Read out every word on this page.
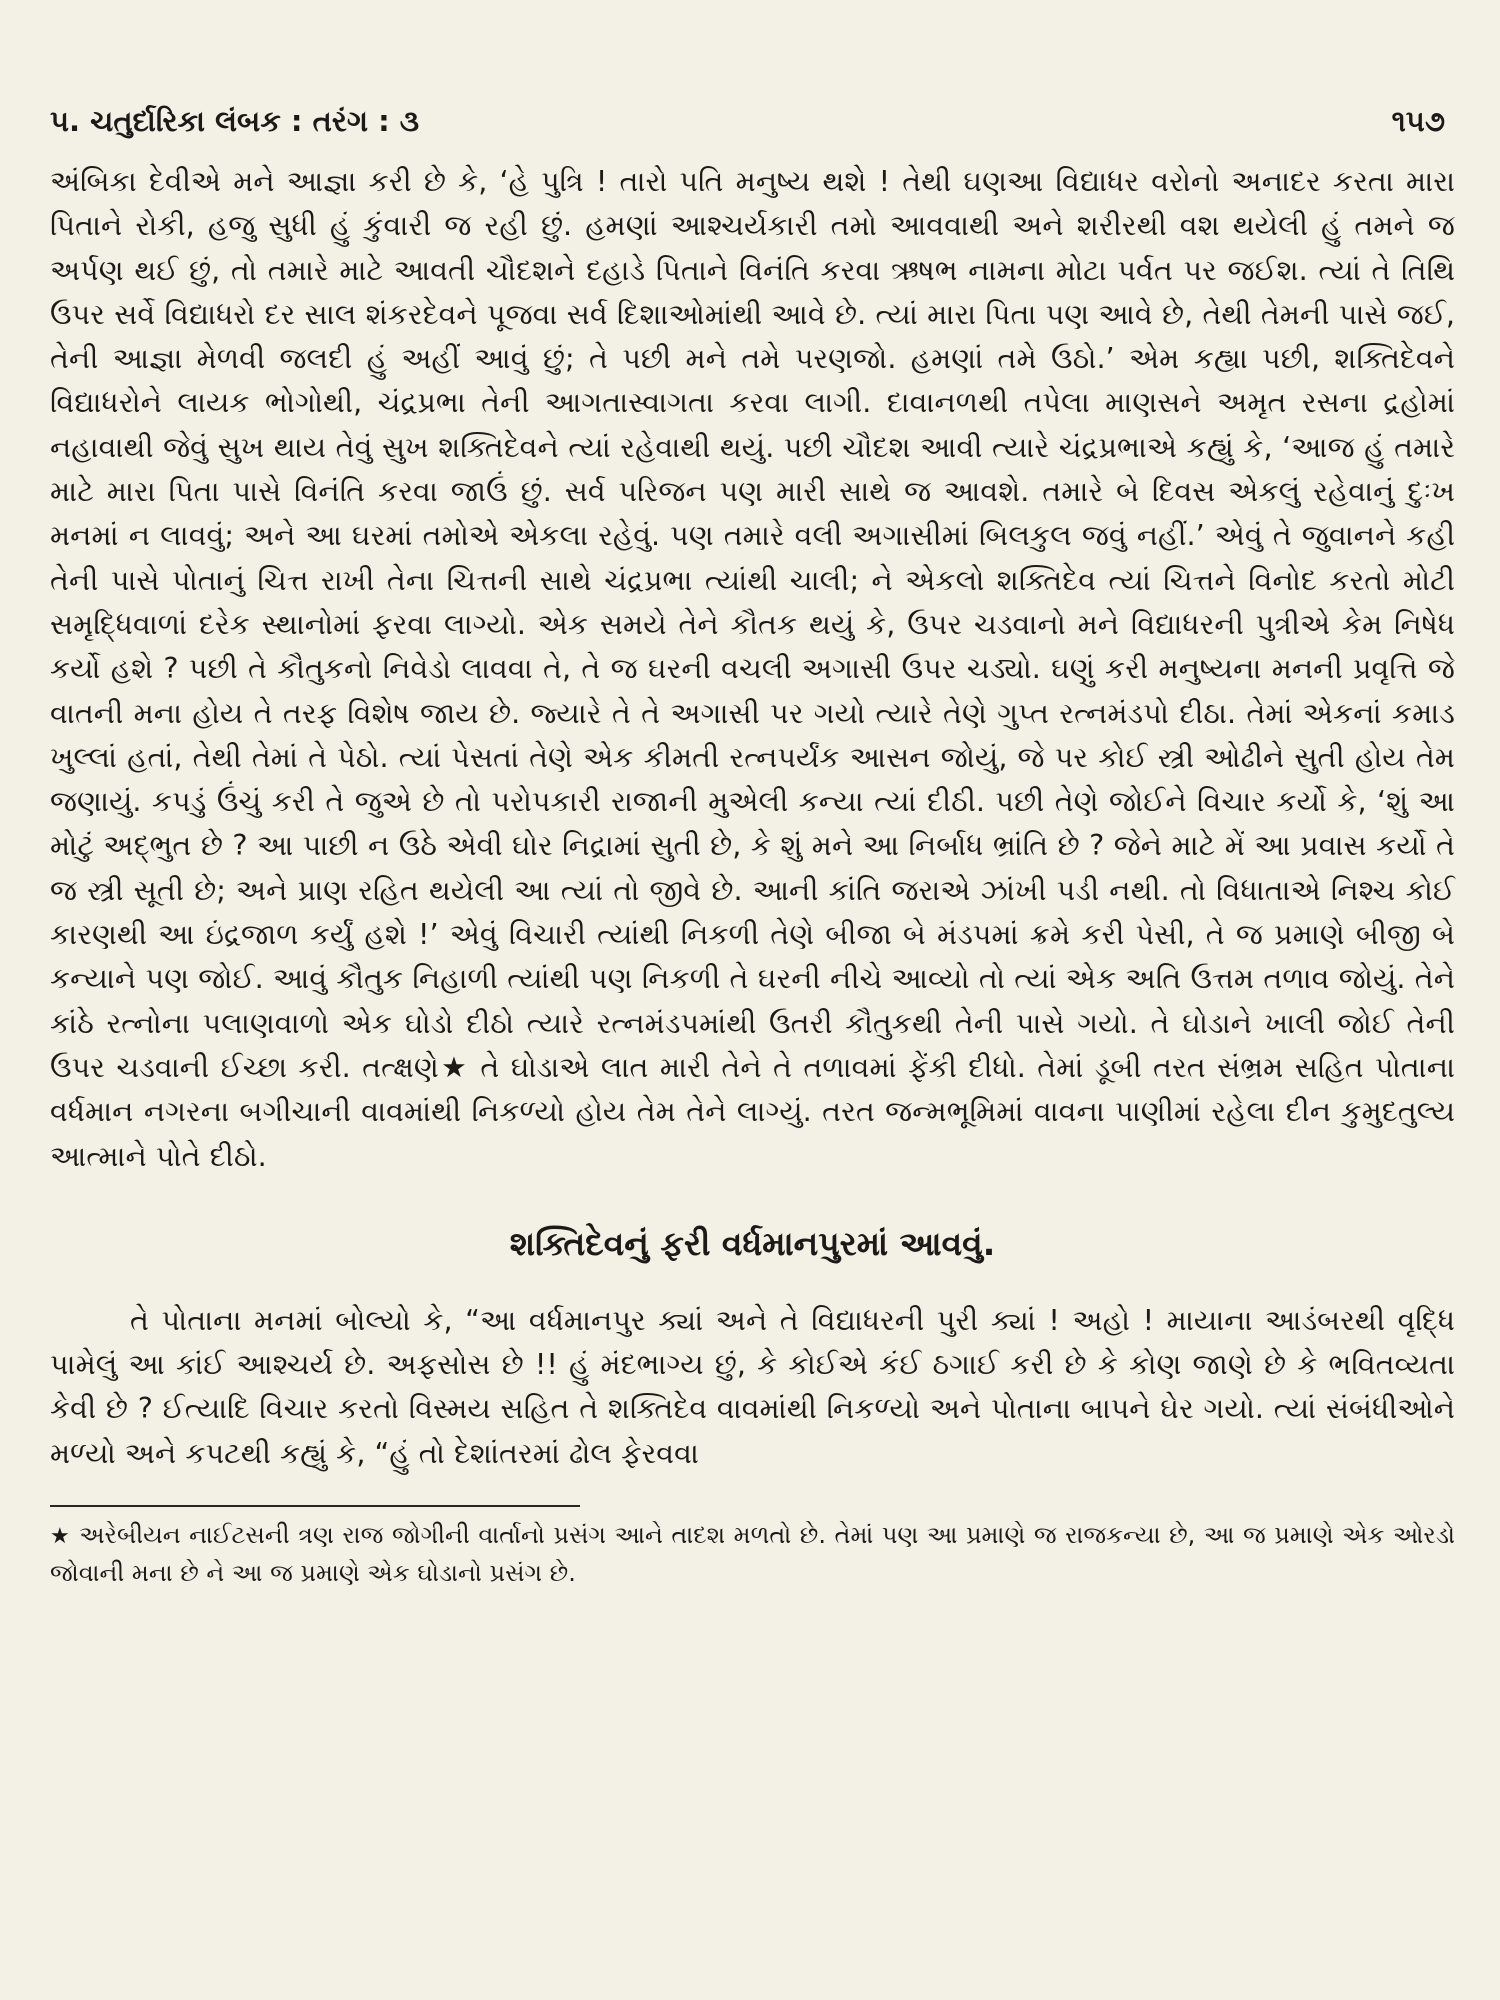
૫. ચતુર્દારિકા લંબક : તરંગ : ૩	૧૫૭

અંબિકા દેવીએ મને આજ્ઞા કરી છે કે, ‘હે પુત્રિ ! તારો પતિ મનુષ્ય થશે ! તેથી ઘણઆ વિદ્યાધર વરોનો અનાદર કરતા મારા પિતાને રોકી, હજુ સુધી હું કુંવારી જ રહી છું. હમણાં આશ્ચર્યકારી તમો આવવાથી અને શરીરથી વશ થયેલી હું તમને જ અર્પણ થઈ છું, તો તમારે માટે આવતી ચૌદશને દહાડે પિતાને વિનંતિ કરવા ઋષભ નામના મોટા પર્વત પર જઈશ. ત્યાં તે તિથિ ઉપર સર્વે વિદ્યાધરો દર સાલ શંકરદેવને પૂજવા સર્વ દિશાઓમાંથી આવે છે. ત્યાં મારા પિતા પણ આવે છે, તેથી તેમની પાસે જઈ, તેની આજ્ઞા મેળવી જલદી હું અહીં આવું છું; તે પછી મને તમે પરણજો. હમણાં તમે ઉઠો.’ એમ કહ્યા પછી, શક્તિદેવને વિદ્યાધરોને લાયક ભોગોથી, ચંદ્રપ્રભા તેની આગતાસ્વાગતા કરવા લાગી. દાવાનળથી તપેલા માણસને અમૃત રસના દ્રહોમાં નહાવાથી જેવું સુખ થાય તેવું સુખ શક્તિદેવને ત્યાં રહેવાથી થયું. પછી ચૌદશ આવી ત્યારે ચંદ્રપ્રભાએ કહ્યું કે, ‘આજ હું તમારે માટે મારા પિતા પાસે વિનંતિ કરવા જાઉં છું. સર્વ પરિજન પણ મારી સાથે જ આવશે. તમારે બે દિવસ એકલું રહેવાનું દુઃખ મનમાં ન લાવવું; અને આ ઘરમાં તમોએ એકલા રહેવું. પણ તમારે વલી અગાસીમાં બિલકુલ જવું નહીં.’ એવું તે જુવાનને કહી તેની પાસે પોતાનું ચિત્ત રાખી તેના ચિત્તની સાથે ચંદ્રપ્રભા ત્યાંથી ચાલી; ને એકલો શક્તિદેવ ત્યાં ચિત્તને વિનોદ કરતો મોટી સમૃદ્ધિવાળાં દરેક સ્થાનોમાં ફરવા લાગ્યો. એક સમયે તેને કૌતક થયું કે, ઉપર ચડવાનો મને વિદ્યાધરની પુત્રીએ કેમ નિષેધ કર્યો હશે ? પછી તે કૌતુકનો નિવેડો લાવવા તે, તે જ ઘરની વચલી અગાસી ઉપર ચડ્યો. ઘણું કરી મનુષ્યના મનની પ્રવૃત્તિ જે વાતની મના હોય તે તરફ વિશેષ જાય છે. જ્યારે તે તે અગાસી પર ગયો ત્યારે તેણે ગુપ્ત રત્નમંડપો દીઠા. તેમાં એકનાં કમાડ ખુલ્લાં હતાં, તેથી તેમાં તે પેઠો. ત્યાં પેસતાં તેણે એક કીમતી રત્નપર્યંક આસન જોયું, જે પર કોઈ સ્ત્રી ઓઢીને સુતી હોય તેમ જણાયું. કપડું ઉંચું કરી તે જુએ છે તો પરોપકારી રાજાની મુએલી કન્યા ત્યાં દીઠી. પછી તેણે જોઈને વિચાર કર્યો કે, ‘શું આ મોટું અદ્‌ભુત છે ? આ પાછી ન ઉઠે એવી ઘોર નિદ્રામાં સુતી છે, કે શું મને આ નિર્બાધ ભ્રાંતિ છે ? જેને માટે મેં આ પ્રવાસ કર્યો તે જ સ્ત્રી સૂતી છે; અને પ્રાણ રહિત થયેલી આ ત્યાં તો જીવે છે. આની કાંતિ જરાએ ઝાંખી પડી નથી. તો વિધાતાએ નિશ્ચ કોઈ કારણથી આ ઇંદ્રજાળ કર્યું હશે !’ એવું વિચારી ત્યાંથી નિકળી તેણે બીજા બે મંડપમાં ક્રમે કરી પેસી, તે જ પ્રમાણે બીજી બે કન્યાને પણ જોઈ. આવું કૌતુક નિહાળી ત્યાંથી પણ નિકળી તે ઘરની નીચે આવ્યો તો ત્યાં એક અતિ ઉત્તમ તળાવ જોયું. તેને કાંઠે રત્નોના પલાણવાળો એક ઘોડો દીઠો ત્યારે રત્નમંડપમાંથી ઉતરી કૌતુકથી તેની પાસે ગયો. તે ઘોડાને ખાલી જોઈ તેની ઉપર ચડવાની ઈચ્છા કરી. તત્ક્ષણે★ તે ઘોડાએ લાત મારી તેને તે તળાવમાં ફેંકી દીધો. તેમાં ડૂબી તરત સંભ્રમ સહિત પોતાના વર્ધમાન નગરના બગીચાની વાવમાંથી નિકળ્યો હોય તેમ તેને લાગ્યું. તરત જન્મભૂમિમાં વાવના પાણીમાં રહેલા દીન કુમુદતુલ્ય આત્માને પોતે દીઠો.

શક્તિદેવનું ફરી વર્ધમાનપુરમાં આવવું.

તે પોતાના મનમાં બોલ્યો કે, “આ વર્ધમાનપુર ક્યાં અને તે વિદ્યાધરની પુરી ક્યાં ! અહો ! માયાના આડંબરથી વૃદ્ધિ પામેલું આ કાંઈ આશ્ચર્ય છે. અફસોસ છે !! હું મંદભાગ્ય છું, કે કોઈએ કંઈ ઠગાઈ કરી છે કે કોણ જાણે છે કે ભવિતવ્યતા કેવી છે ? ઈત્યાદિ વિચાર કરતો વિસ્મય સહિત તે શક્તિદેવ વાવમાંથી નિકળ્યો અને પોતાના બાપને ઘેર ગયો. ત્યાં સંબંધીઓને મળ્યો અને કપટથી કહ્યું કે, “હું તો દેશાંતરમાં ઢોલ ફેરવવા

★ અરેબીયન નાઈટસની ત્રણ રાજ જોગીની વાર્તાનો પ્રસંગ આને તાદશ મળતો છે. તેમાં પણ આ પ્રમાણે જ રાજકન્યા છે, આ જ પ્રમાણે એક ઓરડો જોવાની મના છે ને આ જ પ્રમાણે એક ઘોડાનો પ્રસંગ છે.
